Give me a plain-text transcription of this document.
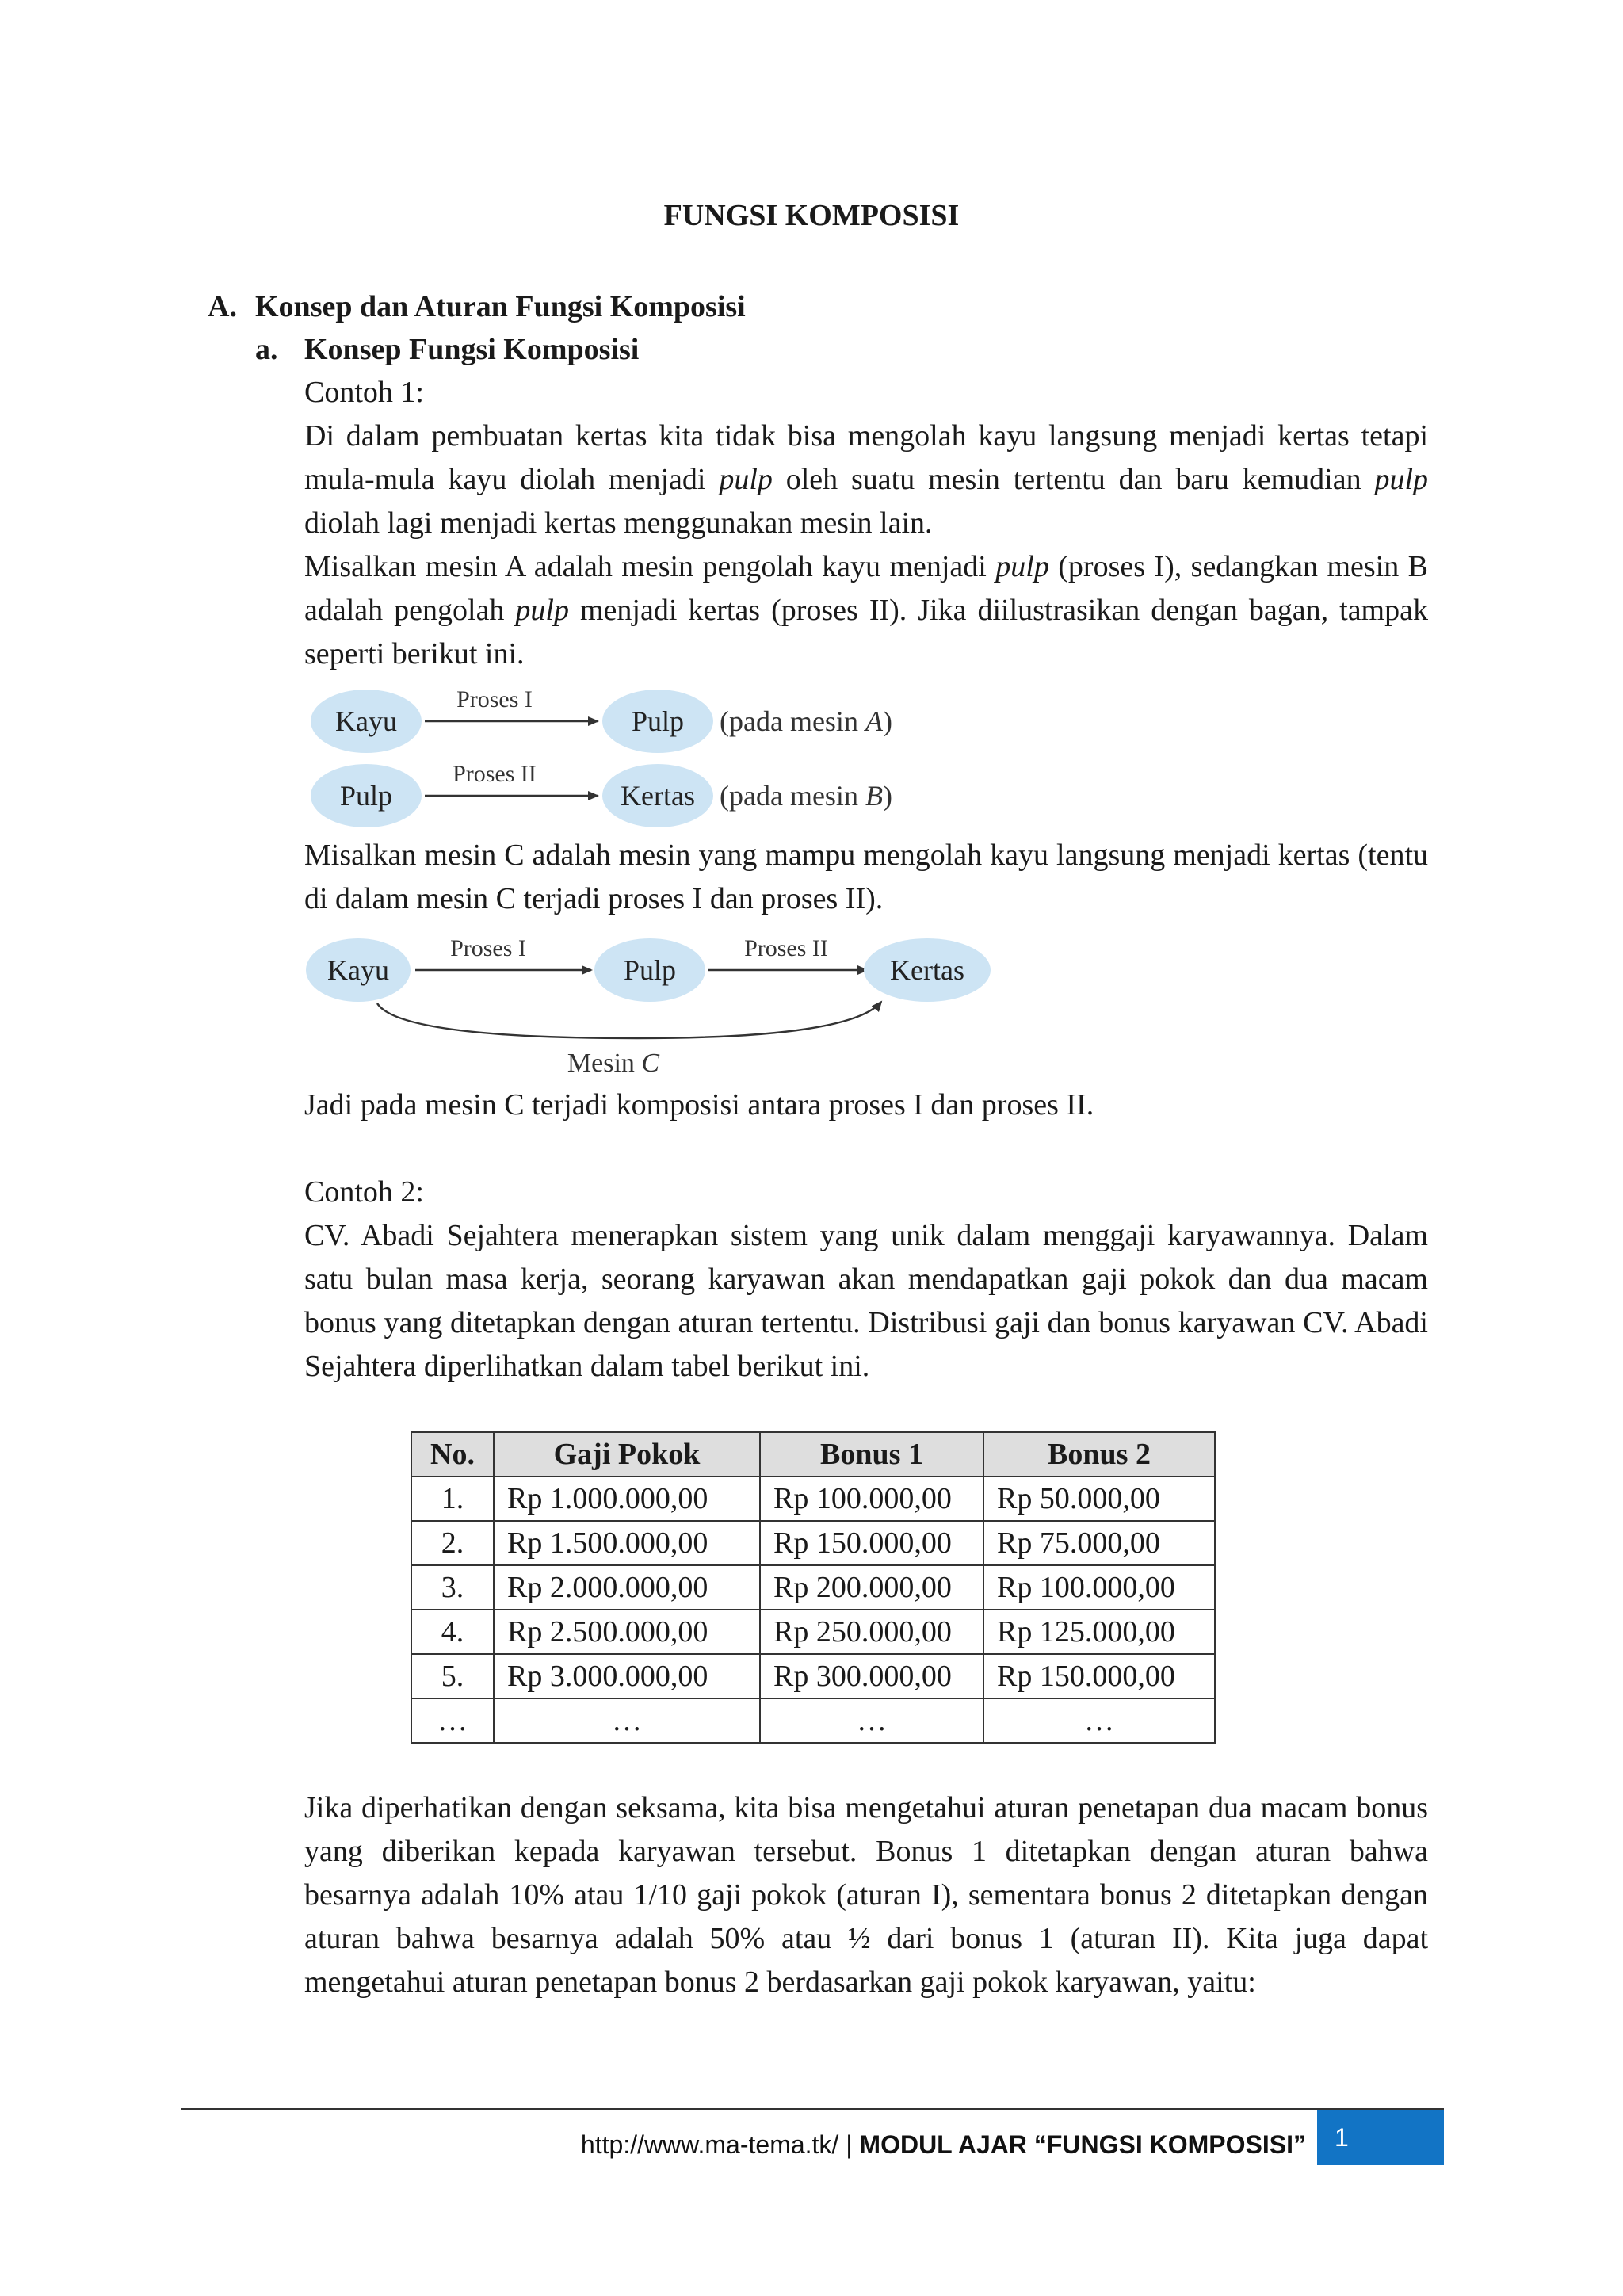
FUNGSI KOMPOSISI
A. Konsep dan Aturan Fungsi Komposisi
a. Konsep Fungsi Komposisi

Contoh 1:

Di dalam pembuatan kertas kita tidak bisa mengolah kayu langsung menjadi kertas tetapi mula-mula kayu diolah menjadi pulp oleh suatu mesin tertentu dan baru kemudian pulp diolah lagi menjadi kertas menggunakan mesin lain.

Misalkan mesin A adalah mesin pengolah kayu menjadi pulp (proses I), sedangkan mesin B adalah pengolah pulp menjadi kertas (proses II). Jika diilustrasikan dengan bagan, tampak seperti berikut ini.

Kayu
Proses I
Pulp (pada mesin A)
Pulp
Proses II
Kertas (pada mesin B)

Misalkan mesin C adalah mesin yang mampu mengolah kayu langsung menjadi kertas (tentu di dalam mesin C terjadi proses I dan proses II).

Kayu
Proses I
Pulp
Proses II
Kertas
Mesin C

Jadi pada mesin C terjadi komposisi antara proses I dan proses II.

Contoh 2:

CV. Abadi Sejahtera menerapkan sistem yang unik dalam menggaji karyawannya. Dalam satu bulan masa kerja, seorang karyawan akan mendapatkan gaji pokok dan dua macam bonus yang ditetapkan dengan aturan tertentu. Distribusi gaji dan bonus karyawan CV. Abadi Sejahtera diperlihatkan dalam tabel berikut ini.

No.	Gaji Pokok	Bonus 1	Bonus 2
1.	Rp 1.000.000,00	Rp 100.000,00	Rp 50.000,00
2.	Rp 1.500.000,00	Rp 150.000,00	Rp 75.000,00
3.	Rp 2.000.000,00	Rp 200.000,00	Rp 100.000,00
4.	Rp 2.500.000,00	Rp 250.000,00	Rp 125.000,00
5.	Rp 3.000.000,00	Rp 300.000,00	Rp 150.000,00
…	…	…	…

Jika diperhatikan dengan seksama, kita bisa mengetahui aturan penetapan dua macam bonus yang diberikan kepada karyawan tersebut. Bonus 1 ditetapkan dengan aturan bahwa besarnya adalah 10% atau 1/10 gaji pokok (aturan I), sementara bonus 2 ditetapkan dengan aturan bahwa besarnya adalah 50% atau ½ dari bonus 1 (aturan II). Kita juga dapat mengetahui aturan penetapan bonus 2 berdasarkan gaji pokok karyawan, yaitu:

http://www.ma-tema.tk/ | MODUL AJAR “FUNGSI KOMPOSISI”	1
